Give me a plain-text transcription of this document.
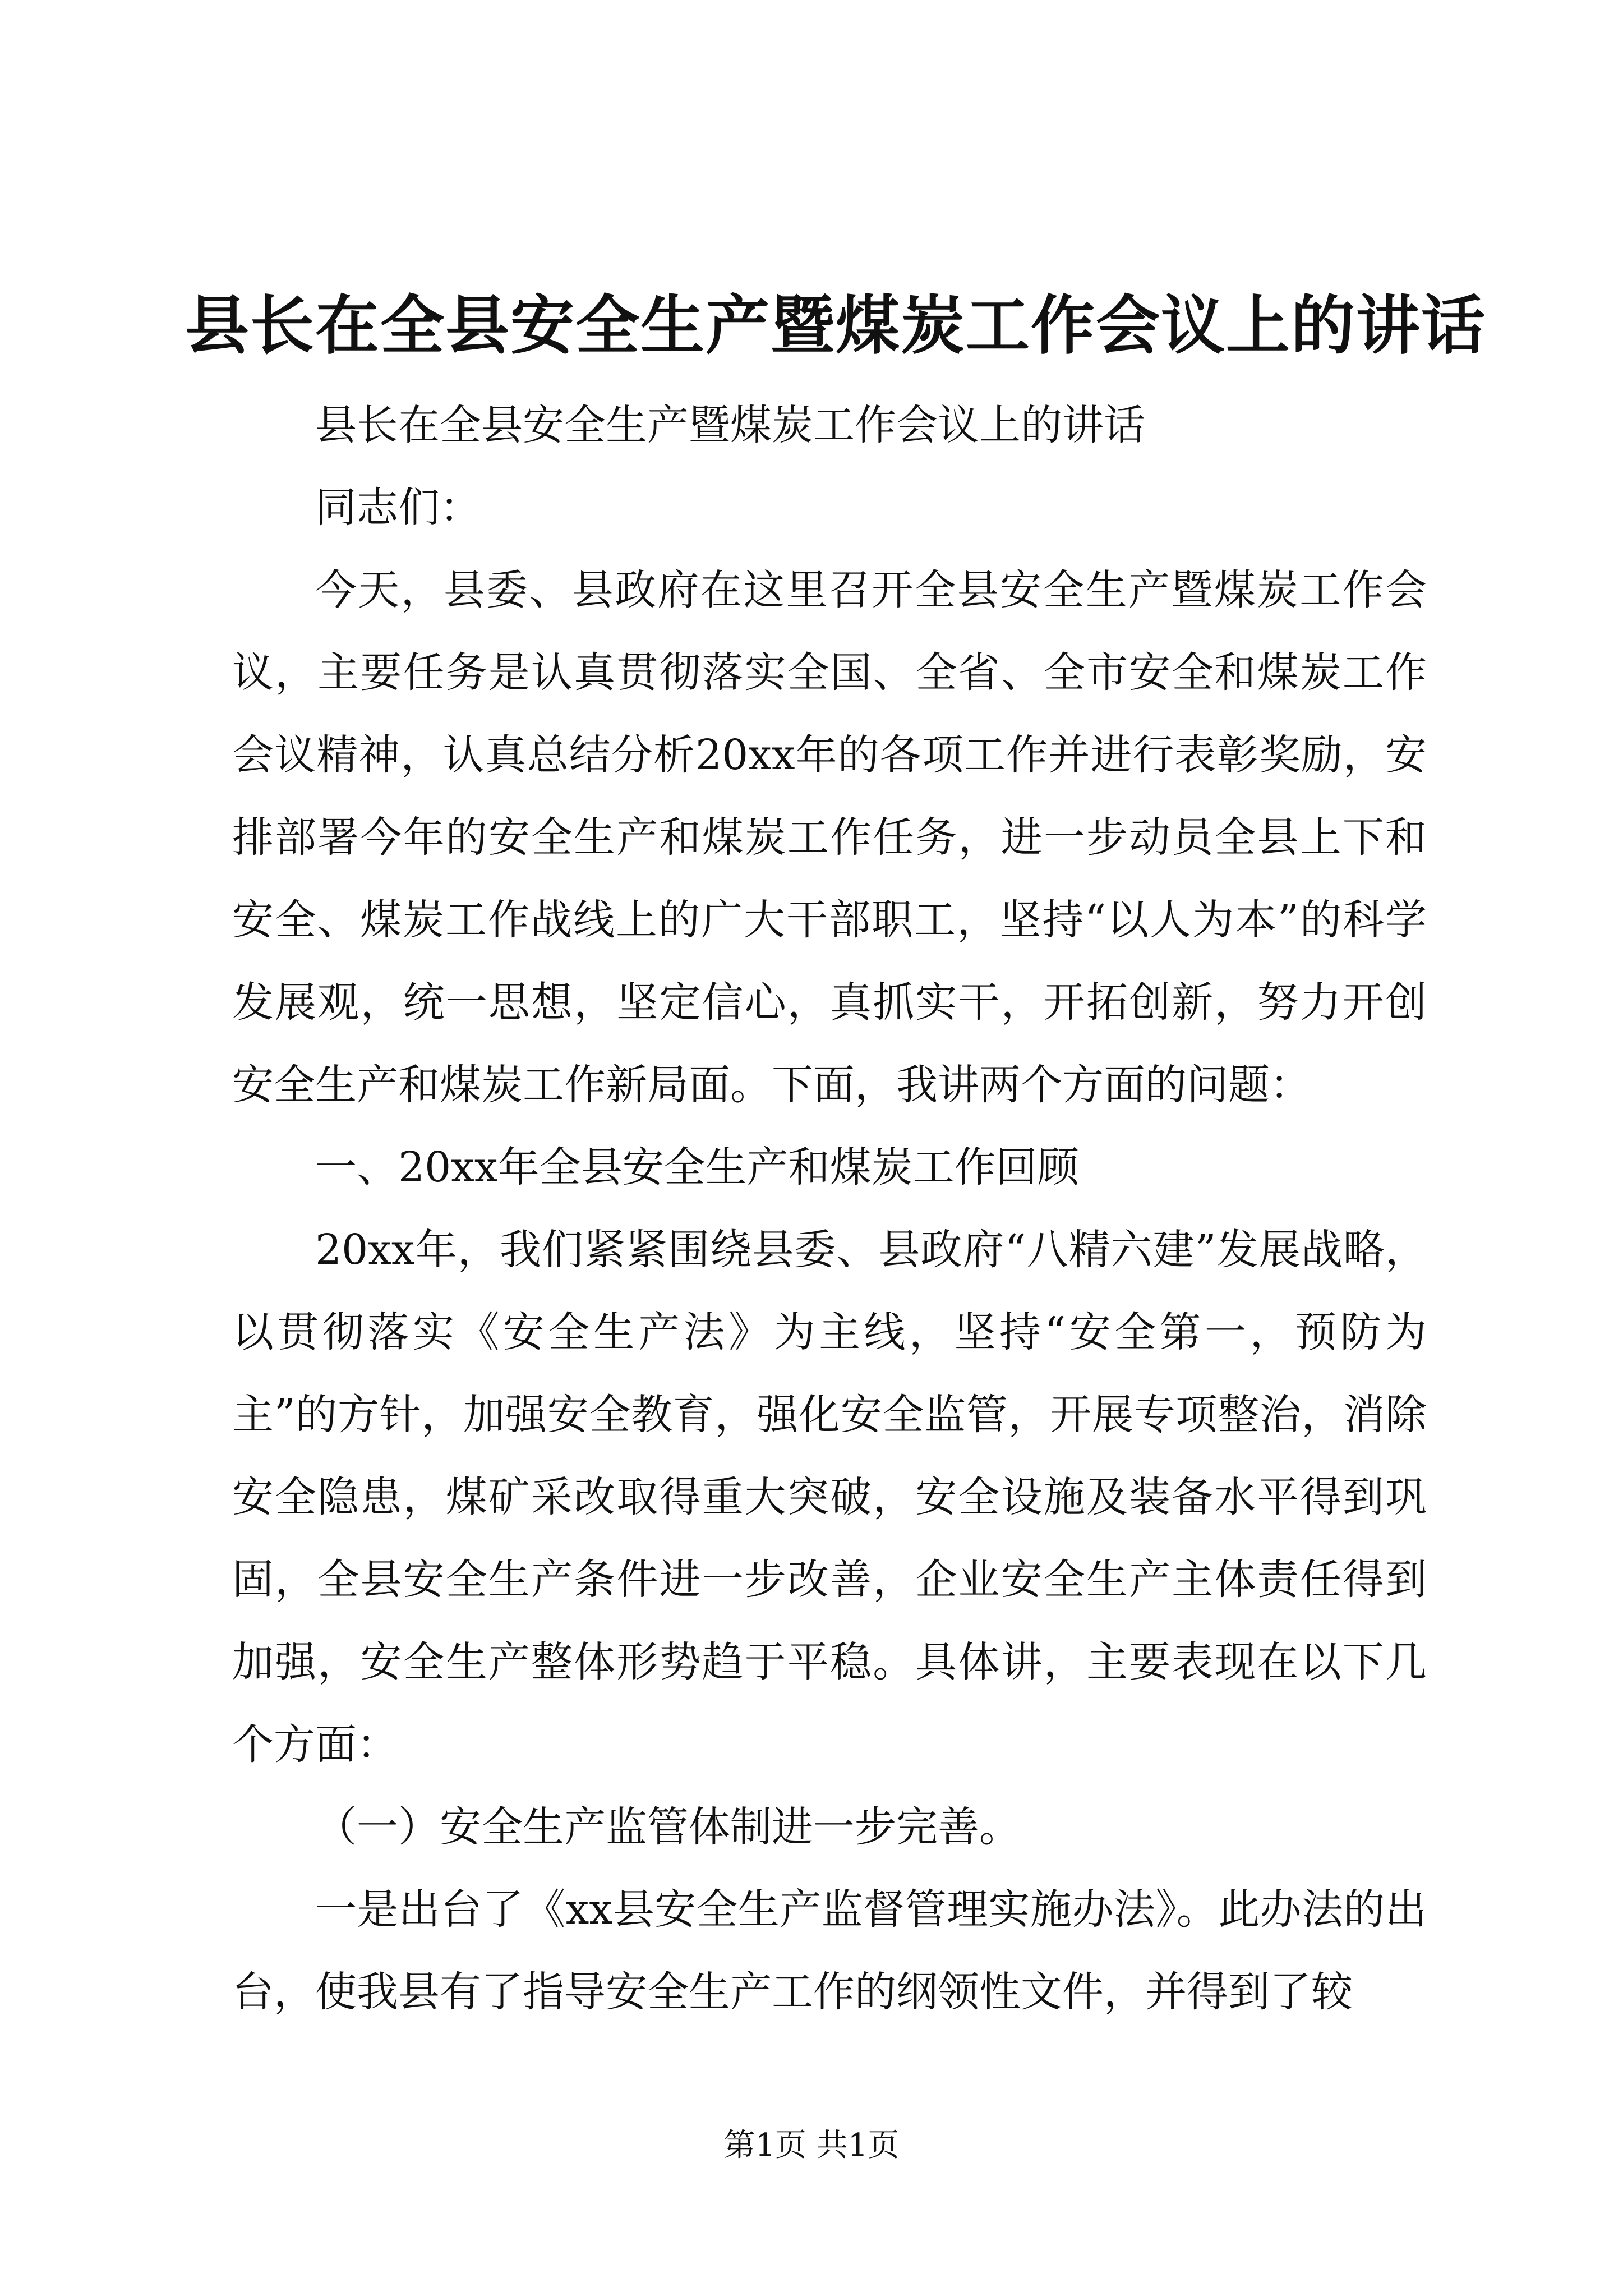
县长在全县安全生产暨煤炭工作会议上的讲话

县长在全县安全生产暨煤炭工作会议上的讲话

同志们：

今天，县委、县政府在这里召开全县安全生产暨煤炭工作会议，主要任务是认真贯彻落实全国、全省、全市安全和煤炭工作会议精神，认真总结分析20xx年的各项工作并进行表彰奖励，安排部署今年的安全生产和煤炭工作任务，进一步动员全县上下和安全、煤炭工作战线上的广大干部职工，坚持“以人为本”的科学发展观，统一思想，坚定信心，真抓实干，开拓创新，努力开创安全生产和煤炭工作新局面。下面，我讲两个方面的问题：

一、20xx年全县安全生产和煤炭工作回顾

20xx年，我们紧紧围绕县委、县政府“八精六建”发展战略，以贯彻落实《安全生产法》为主线，坚持“安全第一，预防为主”的方针，加强安全教育，强化安全监管，开展专项整治，消除安全隐患，煤矿采改取得重大突破，安全设施及装备水平得到巩固，全县安全生产条件进一步改善，企业安全生产主体责任得到加强，安全生产整体形势趋于平稳。具体讲，主要表现在以下几个方面：

（一）安全生产监管体制进一步完善。

一是出台了《xx县安全生产监督管理实施办法》。此办法的出台，使我县有了指导安全生产工作的纲领性文件，并得到了较

第1页 共1页
